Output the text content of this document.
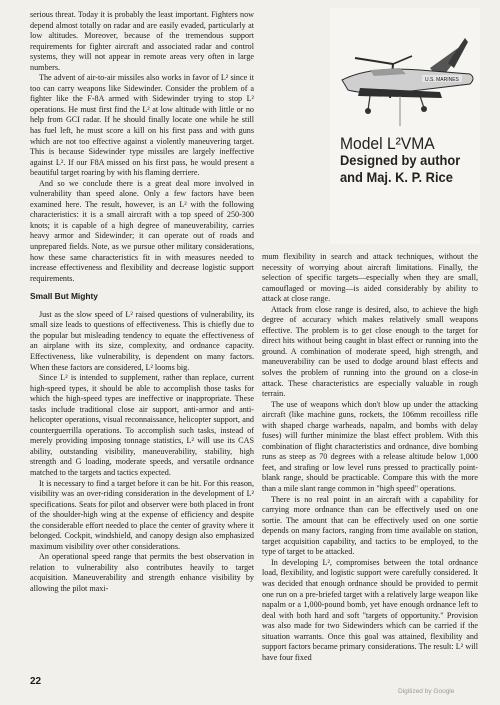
serious threat. Today it is probably the least important. Fighters now depend almost totally on radar and are easily evaded, particularly at low altitudes. Moreover, because of the tremendous support requirements for fighter aircraft and associated radar and control systems, they will not appear in remote areas very often in large numbers.

The advent of air-to-air missiles also works in favor of L² since it too can carry weapons like Sidewinder. Consider the problem of a fighter like the F-8A armed with Sidewinder trying to stop L² operations. He must first find the L² at low altitude with little or no help from GCI radar. If he should finally locate one while he still has fuel left, he must score a kill on his first pass and with guns which are not too effective against a violently maneuvering target. This is because Sidewinder type missiles are largely ineffective against L². If our F8A missed on his first pass, he would present a beautiful target roaring by with his flaming derriere.

And so we conclude there is a great deal more involved in vulnerability than speed alone. Only a few factors have been examined here. The result, however, is an L² with the following characteristics: it is a small aircraft with a top speed of 250-300 knots; it is capable of a high degree of maneuverability, carries heavy armor and Sidewinder; it can operate out of roads and unprepared fields. Note, as we pursue other military considerations, how these same characteristics fit in with measures needed to increase effectiveness and flexibility and decrease logistic support requirements.

Small But Mighty

Just as the slow speed of L² raised questions of vulnerability, its small size leads to questions of effectiveness. This is chiefly due to the popular but misleading tendency to equate the effectiveness of an airplane with its size, complexity, and ordnance capacity. Effectiveness, like vulnerability, is dependent on many factors. When these factors are considered, L² looms big.

Since L² is intended to supplement, rather than replace, current high-speed types, it should be able to accomplish those tasks for which the high-speed types are ineffective or inappropriate. These tasks include traditional close air support, anti-armor and anti-helicopter operations, visual reconnaissance, helicopter support, and counterguerrilla operations. To accomplish such tasks, instead of merely providing imposing tonnage statistics, L² will use its CAS ability, outstanding visibility, maneuverability, stability, high strength and G loading, moderate speeds, and versatile ordnance matched to the targets and tactics expected.

It is necessary to find a target before it can be hit. For this reason, visibility was an over-riding consideration in the development of L² specifications. Seats for pilot and observer were both placed in front of the shoulder-high wing at the expense of efficiency and despite the considerable effort needed to place the center of gravity where it belonged. Cockpit, windshield, and canopy design also emphasized maximum visibility over other considerations.

An operational speed range that permits the best observation in relation to vulnerability also contributes heavily to target acquisition. Maneuverability and strength enhance visibility by allowing the pilot maxi-

U.S. MARINES
Model L²VMA
Designed by author
and Maj. K. P. Rice

mum flexibility in search and attack techniques, without the necessity of worrying about aircraft limitations. Finally, the selection of specific targets—especially when they are small, camouflaged or moving—is aided considerably by ability to attack at close range.

Attack from close range is desired, also, to achieve the high degree of accuracy which makes relatively small weapons effective. The problem is to get close enough to the target for direct hits without being caught in blast effect or running into the ground. A combination of moderate speed, high strength, and maneuverability can be used to dodge around blast effects and solves the problem of running into the ground on a close-in attack. These characteristics are especially valuable in rough terrain.

The use of weapons which don't blow up under the attacking aircraft (like machine guns, rockets, the 106mm recoilless rifle with shaped charge warheads, napalm, and bombs with delay fuses) will further minimize the blast effect problem. With this combination of flight characteristics and ordnance, dive bombing runs as steep as 70 degrees with a release altitude below 1,000 feet, and strafing or low level runs pressed to practically point-blank range, should be practicable. Compare this with the more than a mile slant range common in "high speed" operations.

There is no real point in an aircraft with a capability for carrying more ordnance than can be effectively used on one sortie. The amount that can be effectively used on one sortie depends on many factors, ranging from time available on station, target acquisition capability, and tactics to be employed, to the type of target to be attacked.

In developing L², compromises between the total ordnance load, flexibility, and logistic support were carefully considered. It was decided that enough ordnance should be provided to permit one run on a pre-briefed target with a relatively large weapon like napalm or a 1,000-pound bomb, yet have enough ordnance left to deal with both hard and soft "targets of opportunity." Provision was also made for two Sidewinders which can be carried if the situation warrants. Once this goal was attained, flexibility and support factors became primary considerations. The result: L² will have four fixed

22
Digitized by Google
